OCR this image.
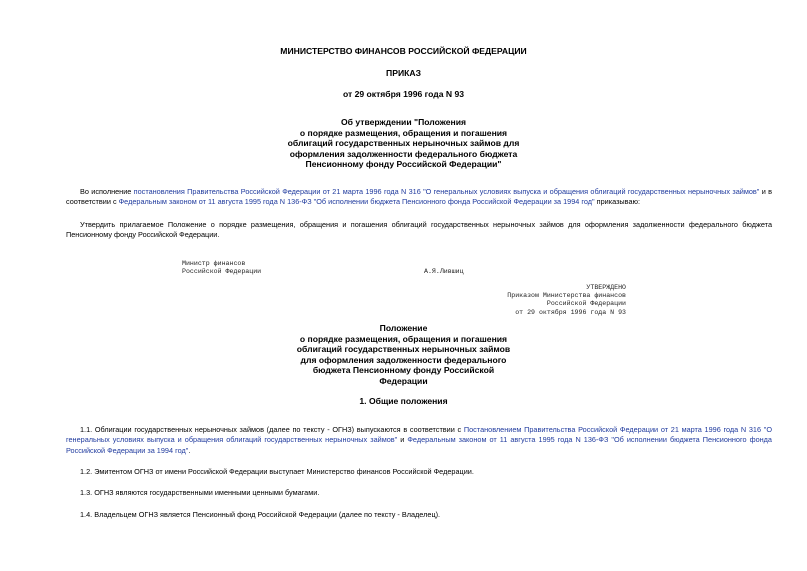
МИНИСТЕРСТВО ФИНАНСОВ РОССИЙСКОЙ ФЕДЕРАЦИИ

ПРИКАЗ

от 29 октября 1996 года N 93

Об утверждении "Положения
о порядке размещения, обращения и погашения
облигаций государственных нерыночных займов для
оформления задолженности федерального бюджета
Пенсионному фонду Российской Федерации"

Во исполнение постановления Правительства Российской Федерации от 21 марта 1996 года N 316 "О генеральных условиях выпуска и обращения облигаций государственных нерыночных займов" и в соответствии с Федеральным законом от 11 августа 1995 года N 136-ФЗ "Об исполнении бюджета Пенсионного фонда Российской Федерации за 1994 год" приказываю:

Утвердить прилагаемое Положение о порядке размещения, обращения и погашения облигаций государственных нерыночных займов для оформления задолженности федерального бюджета Пенсионному фонду Российской Федерации.

Министр финансов
Российской Федерации	А.Я.Лившиц

УТВЕРЖДЕНО
Приказом Министерства финансов
Российской Федерации
от 29 октября 1996 года N 93
Положение
о порядке размещения, обращения и погашения
облигаций государственных нерыночных займов
для оформления задолженности федерального
бюджета Пенсионному фонду Российской
Федерации

1. Общие положения

1.1. Облигации государственных нерыночных займов (далее по тексту - ОГНЗ) выпускаются в соответствии с Постановлением Правительства Российской Федерации от 21 марта 1996 года N 316 "О генеральных условиях выпуска и обращения облигаций государственных нерыночных займов" и Федеральным законом от 11 августа 1995 года N 136-ФЗ "Об исполнении бюджета Пенсионного фонда Российской Федерации за 1994 год".

1.2. Эмитентом ОГНЗ от имени Российской Федерации выступает Министерство финансов Российской Федерации.

1.3. ОГНЗ являются государственными именными ценными бумагами.

1.4. Владельцем ОГНЗ является Пенсионный фонд Российской Федерации (далее по тексту - Владелец).
